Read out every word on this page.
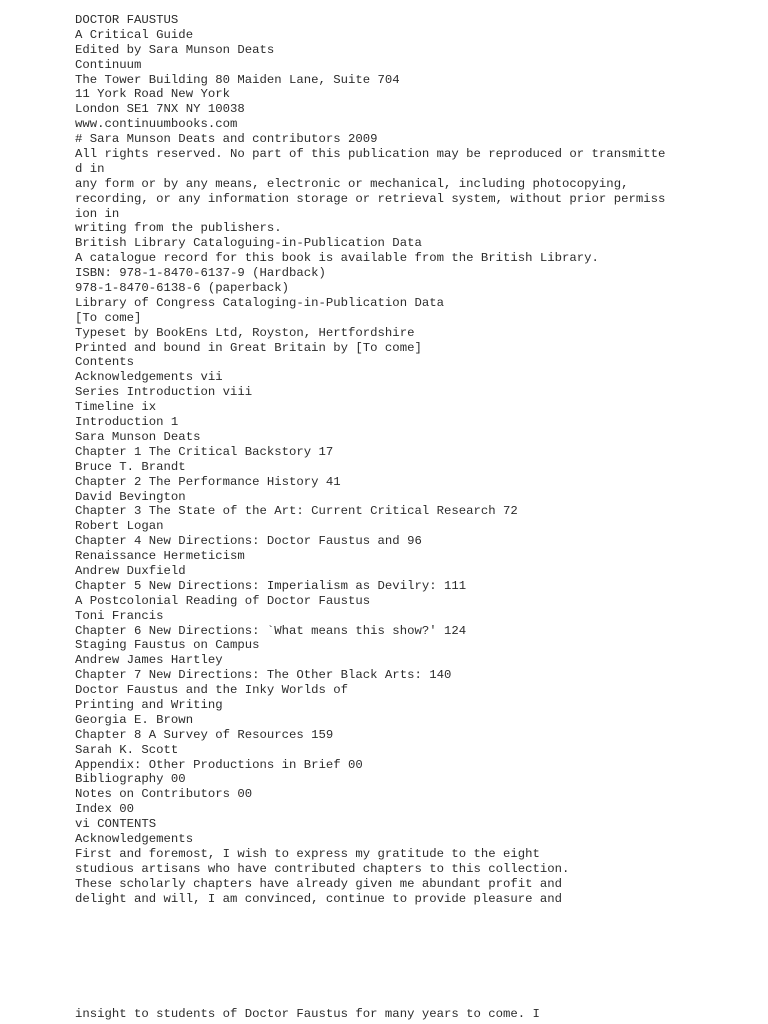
DOCTOR FAUSTUS
A Critical Guide
Edited by Sara Munson Deats
Continuum
The Tower Building 80 Maiden Lane, Suite 704
11 York Road New York
London SE1 7NX NY 10038
www.continuumbooks.com
# Sara Munson Deats and contributors 2009
All rights reserved. No part of this publication may be reproduced or transmitte
d in
any form or by any means, electronic or mechanical, including photocopying,
recording, or any information storage or retrieval system, without prior permiss
ion in
writing from the publishers.
British Library Cataloguing-in-Publication Data
A catalogue record for this book is available from the British Library.
ISBN: 978-1-8470-6137-9 (Hardback)
978-1-8470-6138-6 (paperback)
Library of Congress Cataloging-in-Publication Data
[To come]
Typeset by BookEns Ltd, Royston, Hertfordshire
Printed and bound in Great Britain by [To come]
Contents
Acknowledgements vii
Series Introduction viii
Timeline ix
Introduction 1
Sara Munson Deats
Chapter 1 The Critical Backstory 17
Bruce T. Brandt
Chapter 2 The Performance History 41
David Bevington
Chapter 3 The State of the Art: Current Critical Research 72
Robert Logan
Chapter 4 New Directions: Doctor Faustus and 96
Renaissance Hermeticism
Andrew Duxfield
Chapter 5 New Directions: Imperialism as Devilry: 111
A Postcolonial Reading of Doctor Faustus
Toni Francis
Chapter 6 New Directions: `What means this show?' 124
Staging Faustus on Campus
Andrew James Hartley
Chapter 7 New Directions: The Other Black Arts: 140
Doctor Faustus and the Inky Worlds of
Printing and Writing
Georgia E. Brown
Chapter 8 A Survey of Resources 159
Sarah K. Scott
Appendix: Other Productions in Brief 00
Bibliography 00
Notes on Contributors 00
Index 00
vi CONTENTS
Acknowledgements
First and foremost, I wish to express my gratitude to the eight
studious artisans who have contributed chapters to this collection.
These scholarly chapters have already given me abundant profit and
delight and will, I am convinced, continue to provide pleasure and
insight to students of Doctor Faustus for many years to come. I
